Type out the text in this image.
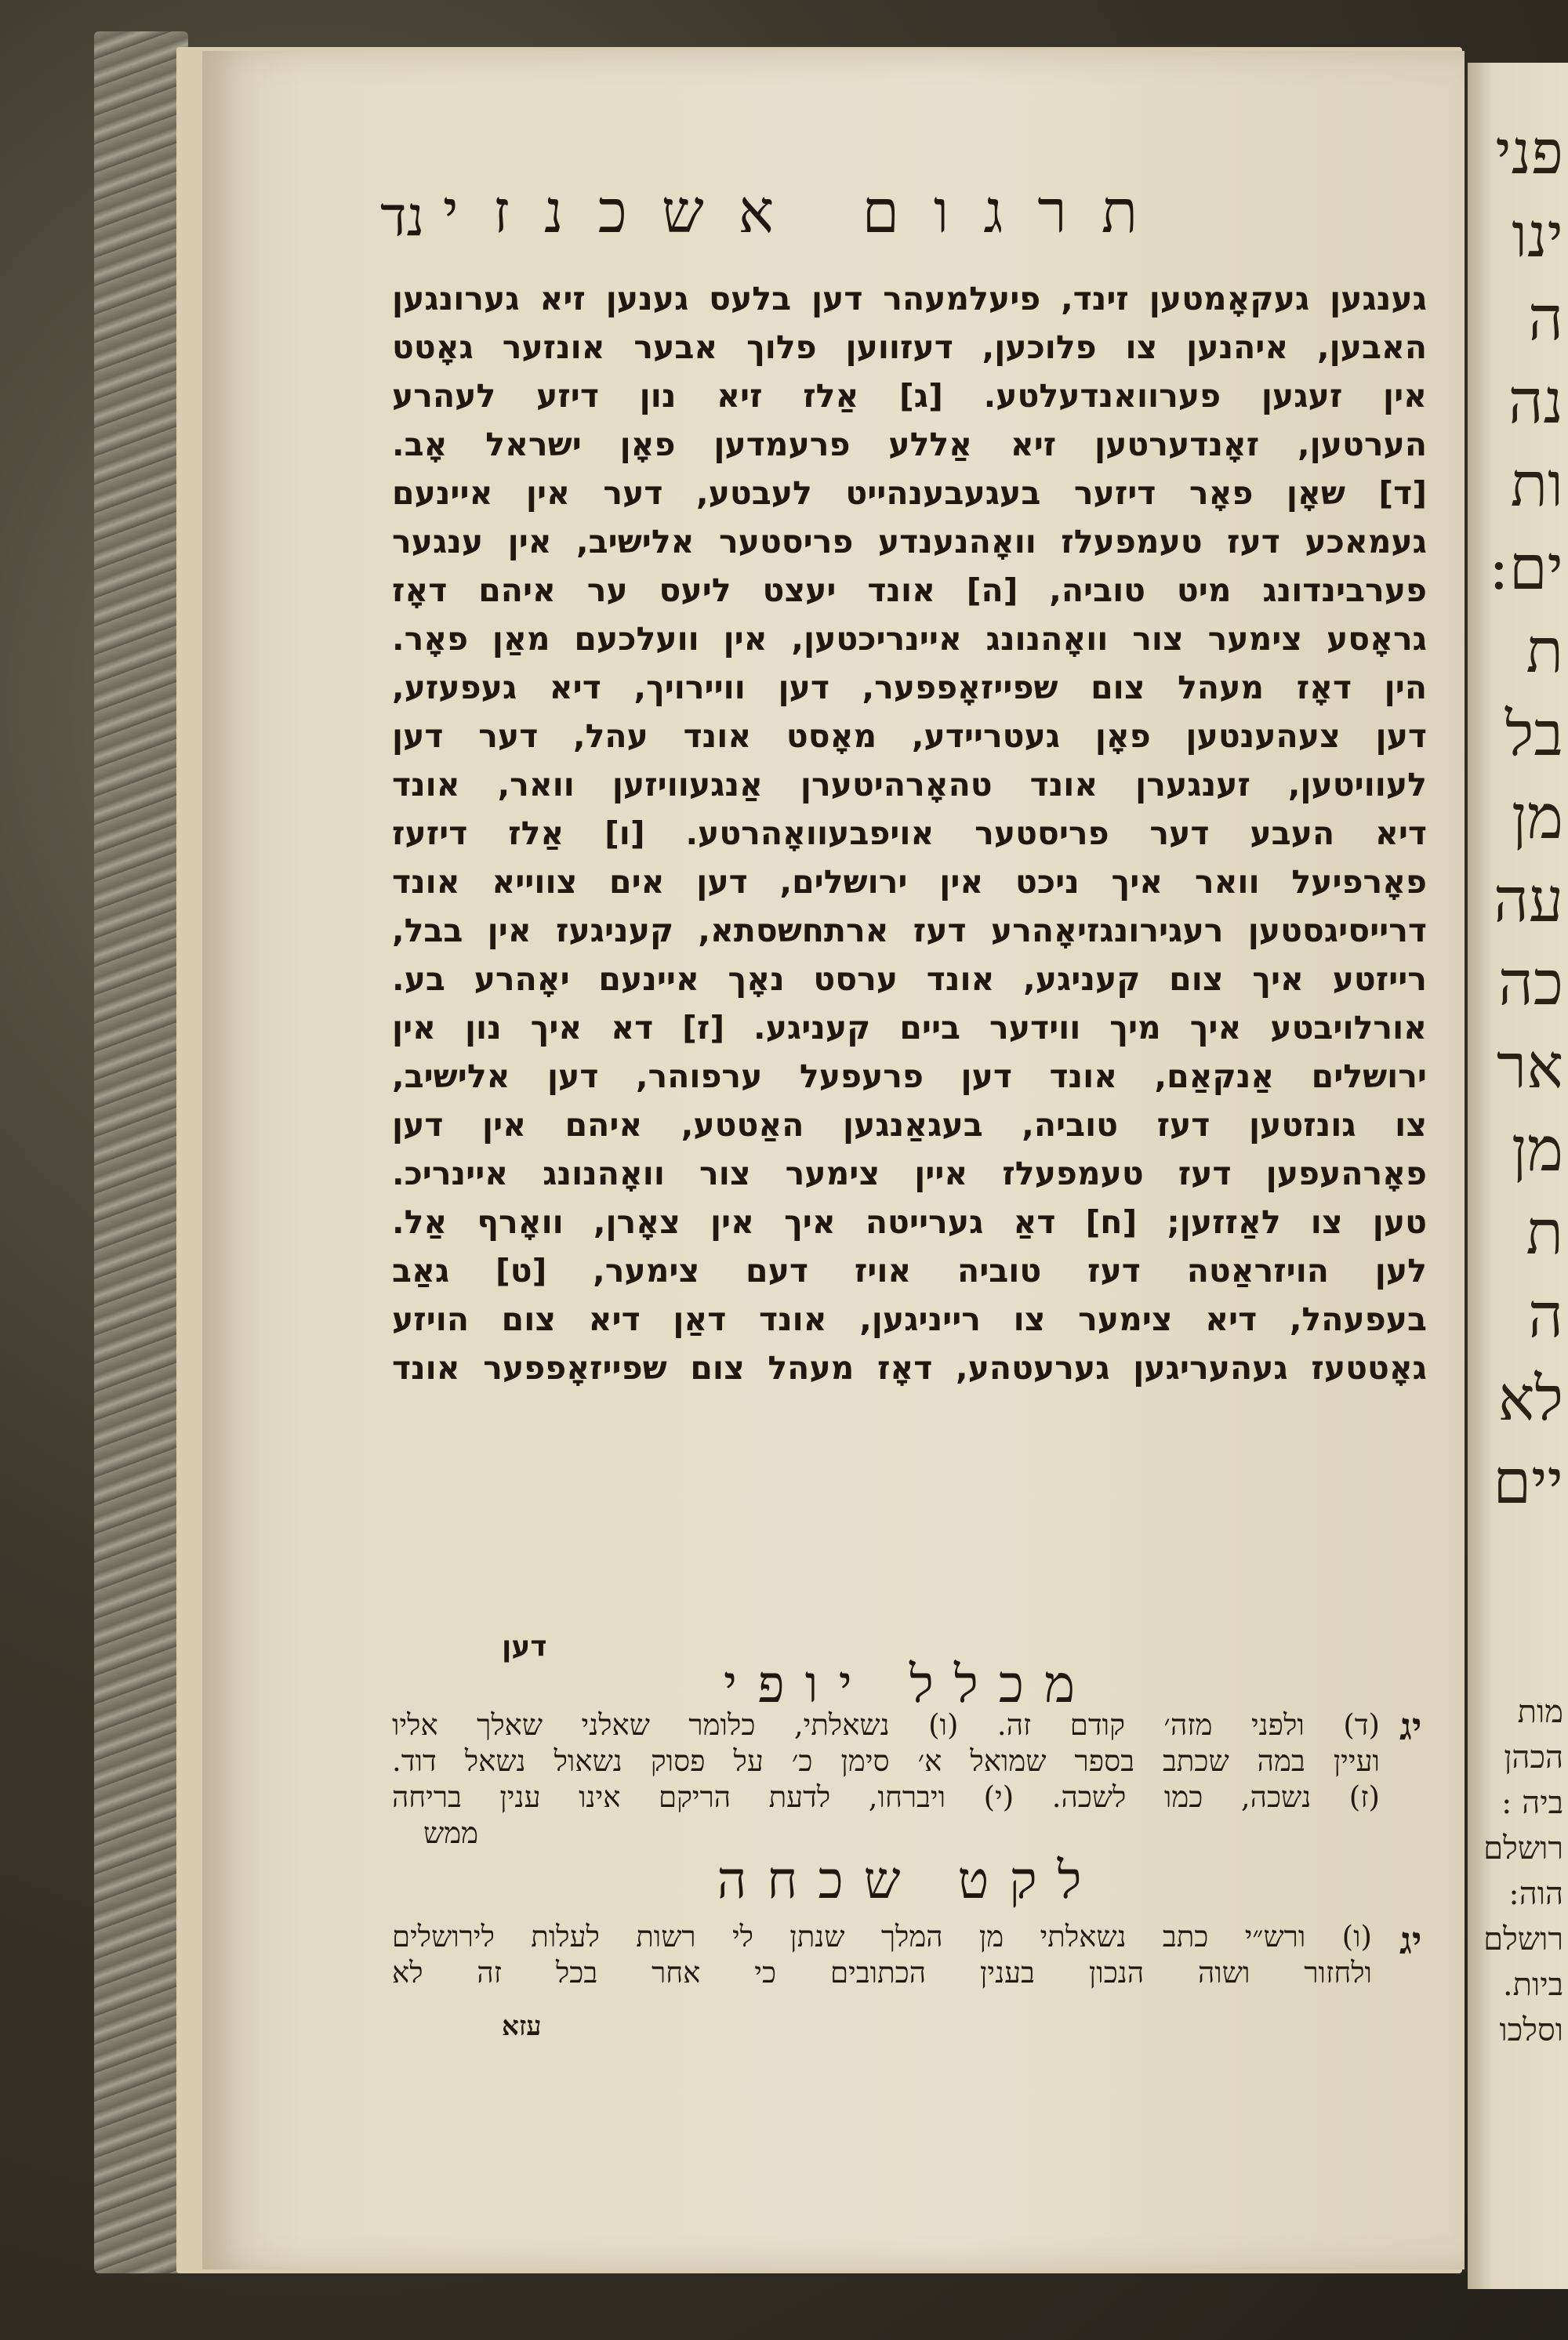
תרגום אשכנזי
נד
גענגען געקאָמטען זינד, פיעלמעהר דען בלעס גענען זיא גערונגען
האבען, איהנען צו פלוכען, דעזווען פלוך אבער אונזער גאָטט
אין זעגען פערוואנדעלטע. [ג] אַלז זיא נון דיזע לעהרע
הערטען, זאָנדערטען זיא אַללע פרעמדען פאָן ישראל אָב.
[ד] שאָן פאָר דיזער בעגעבענהייט לעבטע, דער אין איינעם
געמאכע דעז טעמפעלז וואָהנענדע פריסטער אלישיב, אין ענגער
פערבינדונג מיט טוביה, [ה] אונד יעצט ליעס ער איהם דאָז
גראָסע צימער צור וואָהנונג איינריכטען, אין וועלכעם מאַן פאָר.
הין דאָז מעהל צום שפייזאָפפער, דען וויירויך, דיא געפעזע,
דען צעהענטען פאָן געטריידע, מאָסט אונד עהל, דער דען
לעוויטען, זענגערן אונד טהאָרהיטערן אַנגעוויזען וואר, אונד
דיא העבע דער פריסטער אויפבעוואָהרטע. [ו] אַלז דיזעז
פאָרפיעל וואר איך ניכט אין ירושלים, דען אים צווייא אונד
דרייסיגסטען רעגירונגזיאָהרע דעז ארתחשסתא, קעניגעז אין בבל,
רייזטע איך צום קעניגע, אונד ערסט נאָך איינעם יאָהרע בע.
אורלויבטע איך מיך ווידער ביים קעניגע. [ז] דא איך נון אין
ירושלים אַנקאַם, אונד דען פרעפעל ערפוהר, דען אלישיב,
צו גונזטען דעז טוביה, בעגאַנגען האַטטע, איהם אין דען
פאָרהעפען דעז טעמפעלז איין צימער צור וואָהנונג איינריכ.
טען צו לאַזזען; [ח] דאַ גערייטה איך אין צאָרן, וואָרף אַל.
לען הויזראַטה דעז טוביה אויז דעם צימער, [ט] גאַב
בעפעהל, דיא צימער צו רייניגען, אונד דאַן דיא צום הויזע
גאָטטעז געהעריגען גערעטהע, דאָז מעהל צום שפייזאָפפער אונד
דען
מכלל יופי
יג
(ד) ולפני מזה׳ קודם זה. (ו) נשאלתי, כלומר שאלני שאלך אליו
ועיין במה שכתב בספר שמואל א׳ סימן כ׳ על פסוק נשאול נשאל דוד.
(ז) נשכה, כמו לשכה. (י) ויברחו, לדעת הריקם אינו ענין בריחה
ממש
לקט שכחה
יג
(ו) ורש״י כתב נשאלתי מן המלך שנתן לי רשות לעלות לירושלים
ולחזור ושוה הנכון בענין הכתובים כי אחר בכל זה לא
עזא
פני
ינו
ה
נה
ות
ים:
ת
בל
מן
עה
כה
אר
מן
ת
ה
לא
יים
מות
הכהן
ביה :
רושלם
הוה:
רושלם
ביות.
וסלכו
